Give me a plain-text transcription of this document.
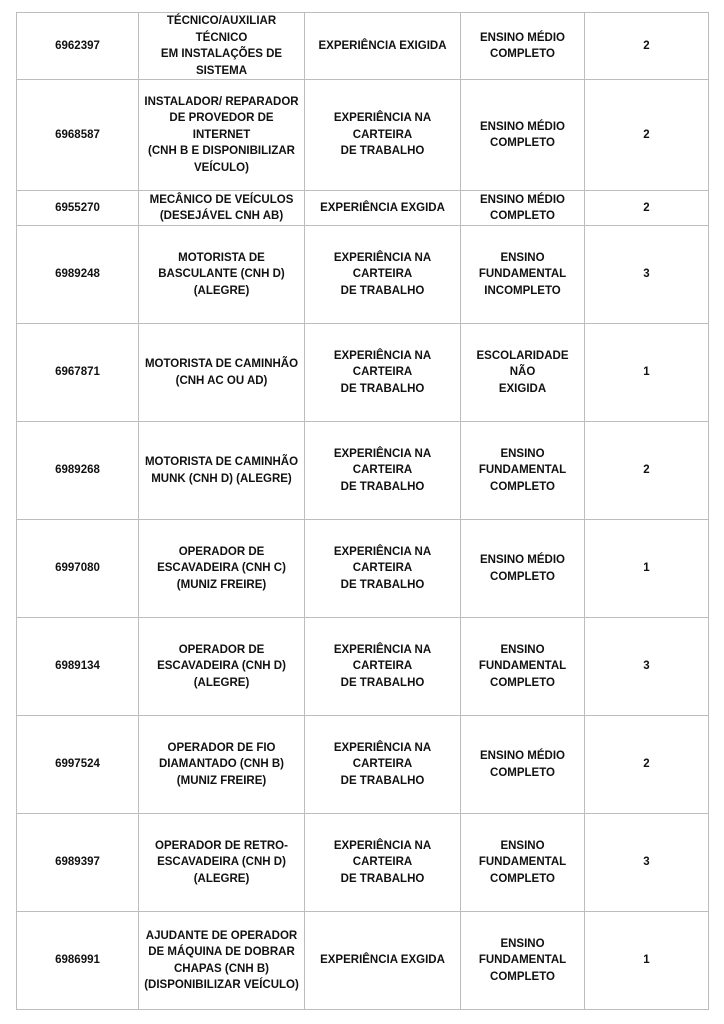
6962397	TÉCNICO/AUXILIAR TÉCNICO
EM INSTALAÇÕES DE
SISTEMA	EXPERIÊNCIA EXIGIDA	ENSINO MÉDIO
COMPLETO	2

6968587	INSTALADOR/ REPARADOR
DE PROVEDOR DE INTERNET
(CNH B E DISPONIBILIZAR
VEÍCULO)	EXPERIÊNCIA NA CARTEIRA
DE TRABALHO	ENSINO MÉDIO
COMPLETO	2

6955270	MECÂNICO DE VEÍCULOS
(DESEJÁVEL CNH AB)	EXPERIÊNCIA EXGIDA	ENSINO MÉDIO
COMPLETO	2

6989248	MOTORISTA DE
BASCULANTE (CNH D)
(ALEGRE)	EXPERIÊNCIA NA CARTEIRA
DE TRABALHO	ENSINO
FUNDAMENTAL
INCOMPLETO	3

6967871	MOTORISTA DE CAMINHÃO
(CNH AC OU AD)	EXPERIÊNCIA NA CARTEIRA
DE TRABALHO	ESCOLARIDADE NÃO
EXIGIDA	1

6989268	MOTORISTA DE CAMINHÃO
MUNK (CNH D) (ALEGRE)	EXPERIÊNCIA NA CARTEIRA
DE TRABALHO	ENSINO
FUNDAMENTAL
COMPLETO	2

6997080	OPERADOR DE
ESCAVADEIRA (CNH C)
(MUNIZ FREIRE)	EXPERIÊNCIA NA CARTEIRA
DE TRABALHO	ENSINO MÉDIO
COMPLETO	1

6989134	OPERADOR DE
ESCAVADEIRA (CNH D)
(ALEGRE)	EXPERIÊNCIA NA CARTEIRA
DE TRABALHO	ENSINO
FUNDAMENTAL
COMPLETO	3

6997524	OPERADOR DE FIO
DIAMANTADO (CNH B)
(MUNIZ FREIRE)	EXPERIÊNCIA NA CARTEIRA
DE TRABALHO	ENSINO MÉDIO
COMPLETO	2

6989397	OPERADOR DE RETRO-
ESCAVADEIRA (CNH D)
(ALEGRE)	EXPERIÊNCIA NA CARTEIRA
DE TRABALHO	ENSINO
FUNDAMENTAL
COMPLETO	3

6986991	AJUDANTE DE OPERADOR
DE MÁQUINA DE DOBRAR
CHAPAS (CNH B)
(DISPONIBILIZAR VEÍCULO)	EXPERIÊNCIA EXGIDA	ENSINO
FUNDAMENTAL
COMPLETO	1
